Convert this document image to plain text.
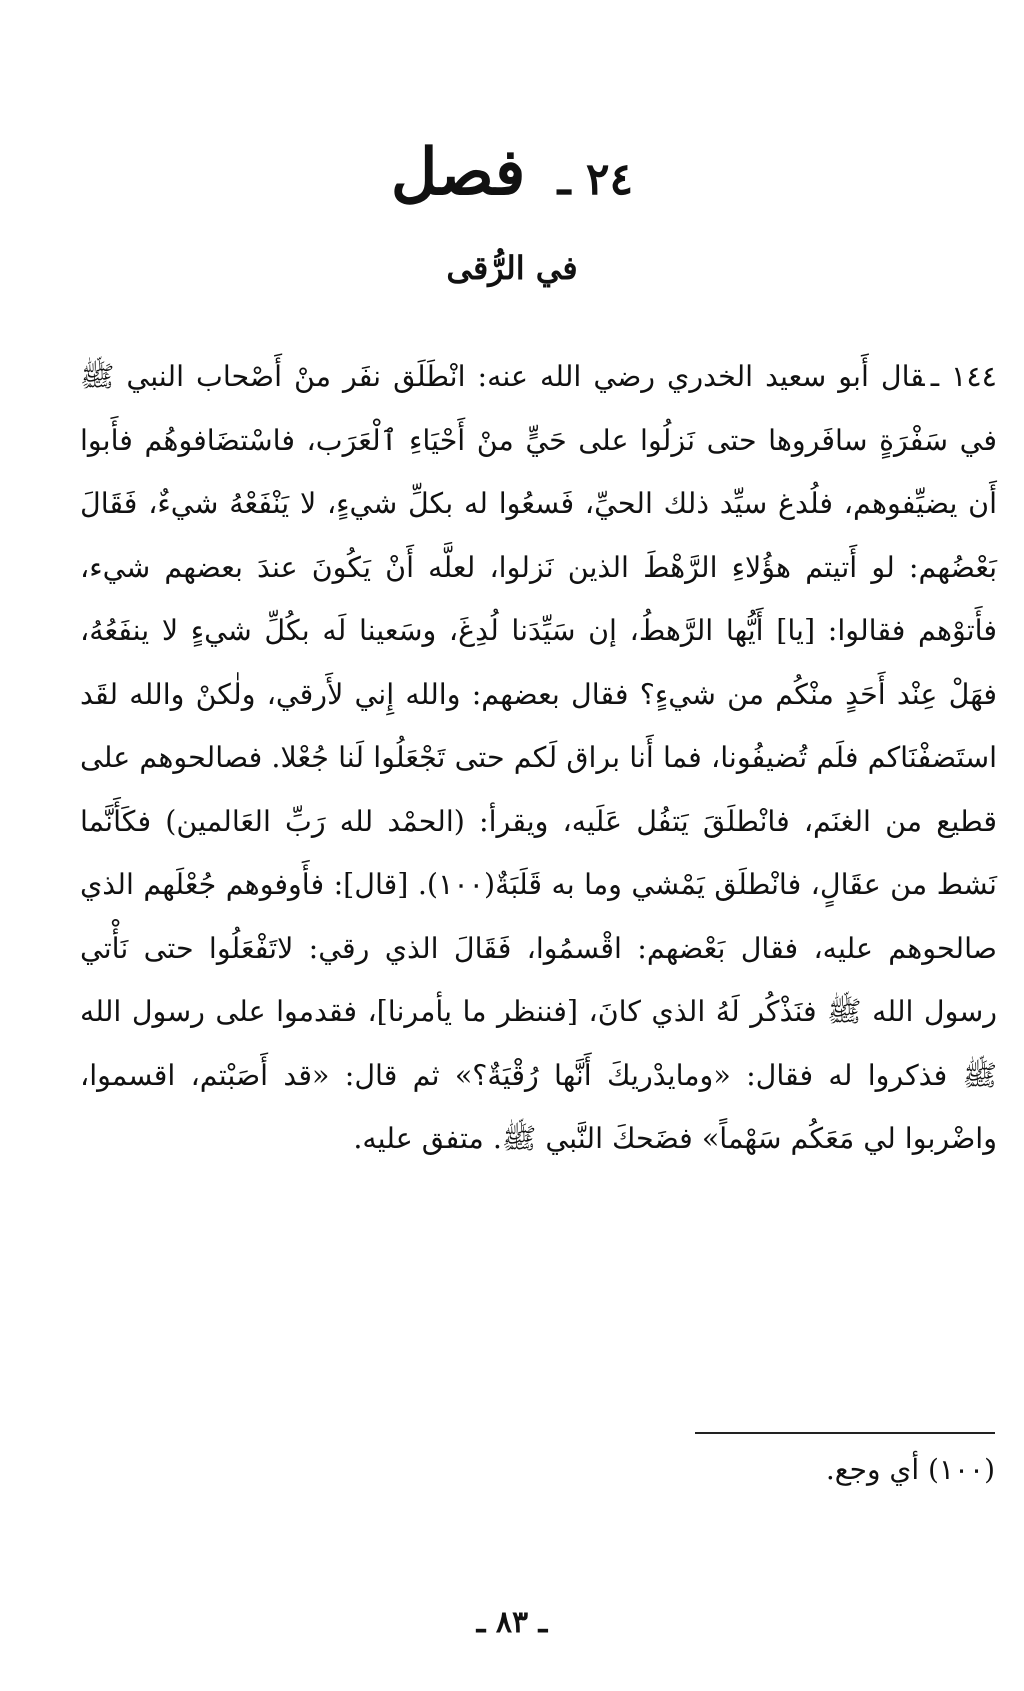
٢٤ ـ فصل
في الرُّقى
١٤٤ ـقال أَبو سعيد الخدري رضي الله عنه: انْطَلَق نفَر منْ أَصْحاب النبي ﷺ في سَفْرَةٍ سافَروها حتى نَزلُوا على حَيٍّ منْ أَحْيَاءِ ٱلْعَرَب، فاسْتضَافوهُم فأَبوا أَن يضيِّفوهم، فلُدغ سيِّد ذلك الحيِّ، فَسعُوا له بكلِّ شيءٍ، لا يَنْفَعْهُ شيءٌ، فَقَالَ بَعْضُهم: لو أَتيتم هؤُلاءِ الرَّهْطَ الذين نَزلوا، لعلَّه أَنْ يَكُونَ عندَ بعضهم شيء، فأَتوْهم فقالوا: [يا] أَيُّها الرَّهطُ، إن سَيِّدَنا لُدِغَ، وسَعينا لَه بكُلِّ شيءٍ لا ينفَعُهُ، فهَلْ عِنْد أَحَدٍ منْكُم من شيءٍ؟ فقال بعضهم: والله إِني لأَرقي، ولٰكنْ والله لقَد استَضفْنَاكم فلَم تُضيفُونا، فما أَنا براق لَكم حتى تَجْعَلُوا لَنا جُعْلا. فصالحوهم على قطيع من الغنَم، فانْطلَقَ يَتفُل عَلَيه، ويقرأ: (الحمْد لله رَبِّ العَالمين) فكَأَنَّما نَشط من عقَالٍ، فانْطلَق يَمْشي وما به قَلَبَةٌ(١٠٠). [قال]: فأَوفوهم جُعْلَهم الذي صالحوهم عليه، فقال بَعْضهم: اقْسمُوا، فَقَالَ الذي رقي: لاتَفْعَلُوا حتى نَأْتي رسول الله ﷺ فنَذْكُر لَهُ الذي كانَ، [فننظر ما يأمرنا]، فقدموا على رسول الله ﷺ فذكروا له فقال: «ومايدْريكَ أَنَّها رُقْيَةٌ؟» ثم قال: «قد أَصَبْتم، اقسموا، واضْربوا لي مَعَكُم سَهْماً» فضَحكَ النَّبي ﷺ. متفق عليه.
(١٠٠) أي وجع.
ـ ٨٣ ـ
